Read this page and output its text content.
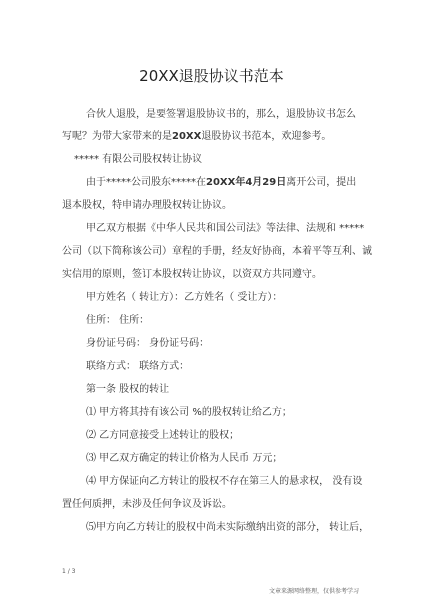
20XX退股协议书范本
合伙人退股，是要签署退股协议书的，那么，退股协议书怎么
写呢？为带大家带来的是20XX退股协议书范本，欢迎参考。
***** 有限公司股权转让协议
由于*****公司股东*****在20XX年4月29日离开公司，提出
退本股权，特申请办理股权转让协议。
甲乙双方根据《中华人民共和国公司法》等法律、法规和 *****
公司（以下简称该公司）章程的手册，经友好协商，本着平等互利、诚
实信用的原则，签订本股权转让协议，以资双方共同遵守。
甲方姓名（ 转让方）：乙方姓名（ 受让方）：
住所： 住所：
身份证号码： 身份证号码：
联络方式： 联络方式：
第一条 股权的转让
⑴ 甲方将其持有该公司 %的股权转让给乙方；
⑵ 乙方同意接受上述转让的股权；
⑶ 甲乙双方确定的转让价格为人民币 万元；
⑷ 甲方保证向乙方转让的股权不存在第三人的悬求权， 没有设
置任何质押，未涉及任何争议及诉讼。
⑸甲方向乙方转让的股权中尚未实际缴纳出资的部分， 转让后，
1 / 3
文章来源网络整理，仅供参考学习
